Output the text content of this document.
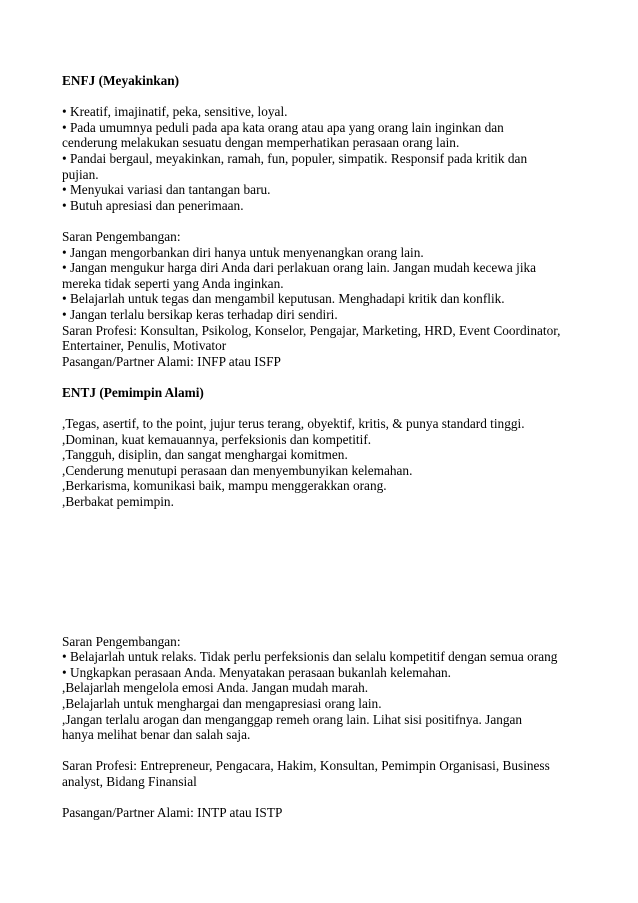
ENFJ (Meyakinkan)
• Kreatif, imajinatif, peka, sensitive, loyal.
• Pada umumnya peduli pada apa kata orang atau apa yang orang lain inginkan dan
cenderung melakukan sesuatu dengan memperhatikan perasaan orang lain.
• Pandai bergaul, meyakinkan, ramah, fun, populer, simpatik. Responsif pada kritik dan
pujian.
• Menyukai variasi dan tantangan baru.
• Butuh apresiasi dan penerimaan.
Saran Pengembangan:
• Jangan mengorbankan diri hanya untuk menyenangkan orang lain.
• Jangan mengukur harga diri Anda dari perlakuan orang lain. Jangan mudah kecewa jika
mereka tidak seperti yang Anda inginkan.
• Belajarlah untuk tegas dan mengambil keputusan. Menghadapi kritik dan konflik.
• Jangan terlalu bersikap keras terhadap diri sendiri.
Saran Profesi: Konsultan, Psikolog, Konselor, Pengajar, Marketing, HRD, Event Coordinator,
Entertainer, Penulis, Motivator
Pasangan/Partner Alami: INFP atau ISFP
ENTJ (Pemimpin Alami)
,Tegas, asertif, to the point, jujur terus terang, obyektif, kritis, & punya standard tinggi.
,Dominan, kuat kemauannya, perfeksionis dan kompetitif.
,Tangguh, disiplin, dan sangat menghargai komitmen.
,Cenderung menutupi perasaan dan menyembunyikan kelemahan.
,Berkarisma, komunikasi baik, mampu menggerakkan orang.
,Berbakat pemimpin.
Saran Pengembangan:
• Belajarlah untuk relaks. Tidak perlu perfeksionis dan selalu kompetitif dengan semua orang
• Ungkapkan perasaan Anda. Menyatakan perasaan bukanlah kelemahan.
,Belajarlah mengelola emosi Anda. Jangan mudah marah.
,Belajarlah untuk menghargai dan mengapresiasi orang lain.
,Jangan terlalu arogan dan menganggap remeh orang lain. Lihat sisi positifnya. Jangan
hanya melihat benar dan salah saja.
Saran Profesi: Entrepreneur, Pengacara, Hakim, Konsultan, Pemimpin Organisasi, Business
analyst, Bidang Finansial
Pasangan/Partner Alami: INTP atau ISTP
